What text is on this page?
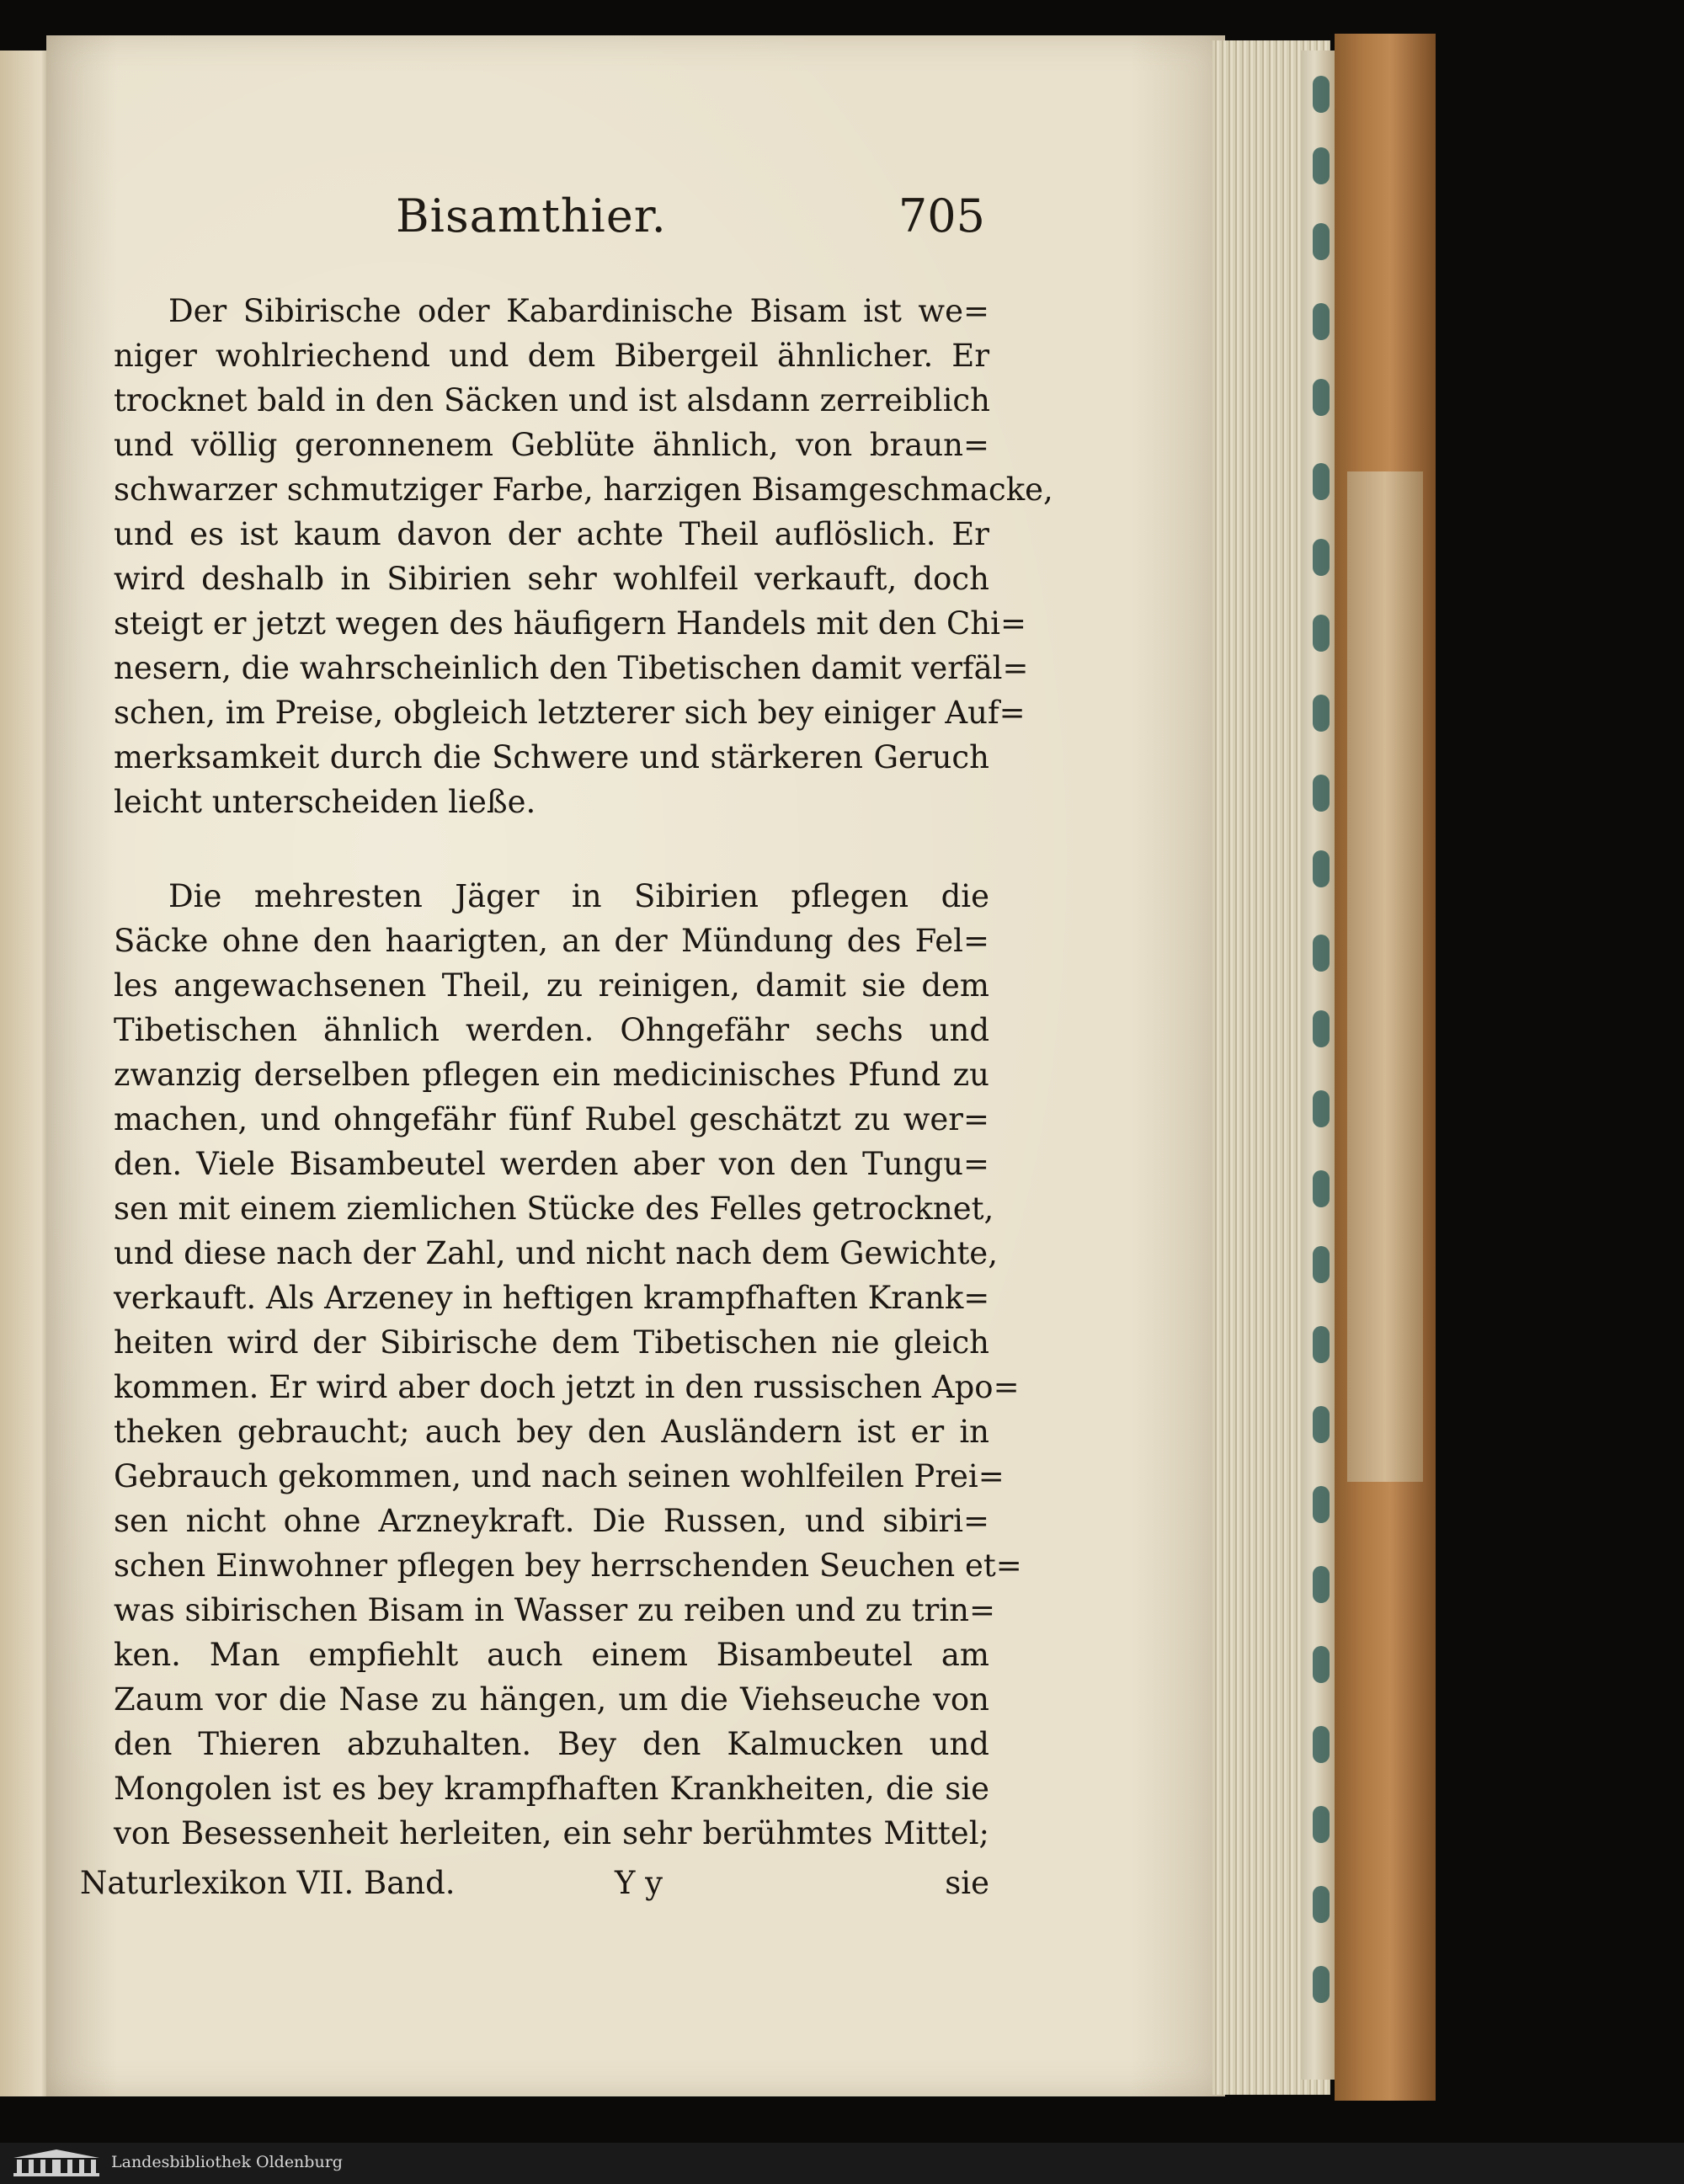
Bisamthier.	705
Der Sibirische oder Kabardinische Bisam ist we=
niger wohlriechend und dem Bibergeil ähnlicher. Er
trocknet bald in den Säcken und ist alsdann zerreiblich
und völlig geronnenem Geblüte ähnlich, von braun=
schwarzer schmutziger Farbe, harzigen Bisamgeschmacke,
und es ist kaum davon der achte Theil auflöslich. Er
wird deshalb in Sibirien sehr wohlfeil verkauft, doch
steigt er jetzt wegen des häufigern Handels mit den Chi=
nesern, die wahrscheinlich den Tibetischen damit verfäl=
schen, im Preise, obgleich letzterer sich bey einiger Auf=
merksamkeit durch die Schwere und stärkeren Geruch
leicht unterscheiden ließe.
Die mehresten Jäger in Sibirien pflegen die
Säcke ohne den haarigten, an der Mündung des Fel=
les angewachsenen Theil, zu reinigen, damit sie dem
Tibetischen ähnlich werden. Ohngefähr sechs und
zwanzig derselben pflegen ein medicinisches Pfund zu
machen, und ohngefähr fünf Rubel geschätzt zu wer=
den. Viele Bisambeutel werden aber von den Tungu=
sen mit einem ziemlichen Stücke des Felles getrocknet,
und diese nach der Zahl, und nicht nach dem Gewichte,
verkauft. Als Arzeney in heftigen krampfhaften Krank=
heiten wird der Sibirische dem Tibetischen nie gleich
kommen. Er wird aber doch jetzt in den russischen Apo=
theken gebraucht; auch bey den Ausländern ist er in
Gebrauch gekommen, und nach seinen wohlfeilen Prei=
sen nicht ohne Arzneykraft. Die Russen, und sibiri=
schen Einwohner pflegen bey herrschenden Seuchen et=
was sibirischen Bisam in Wasser zu reiben und zu trin=
ken. Man empfiehlt auch einem Bisambeutel am
Zaum vor die Nase zu hängen, um die Viehseuche von
den Thieren abzuhalten. Bey den Kalmucken und
Mongolen ist es bey krampfhaften Krankheiten, die sie
von Besessenheit herleiten, ein sehr berühmtes Mittel;
Naturlexikon VII. Band.	Y y	sie
Landesbibliothek Oldenburg
